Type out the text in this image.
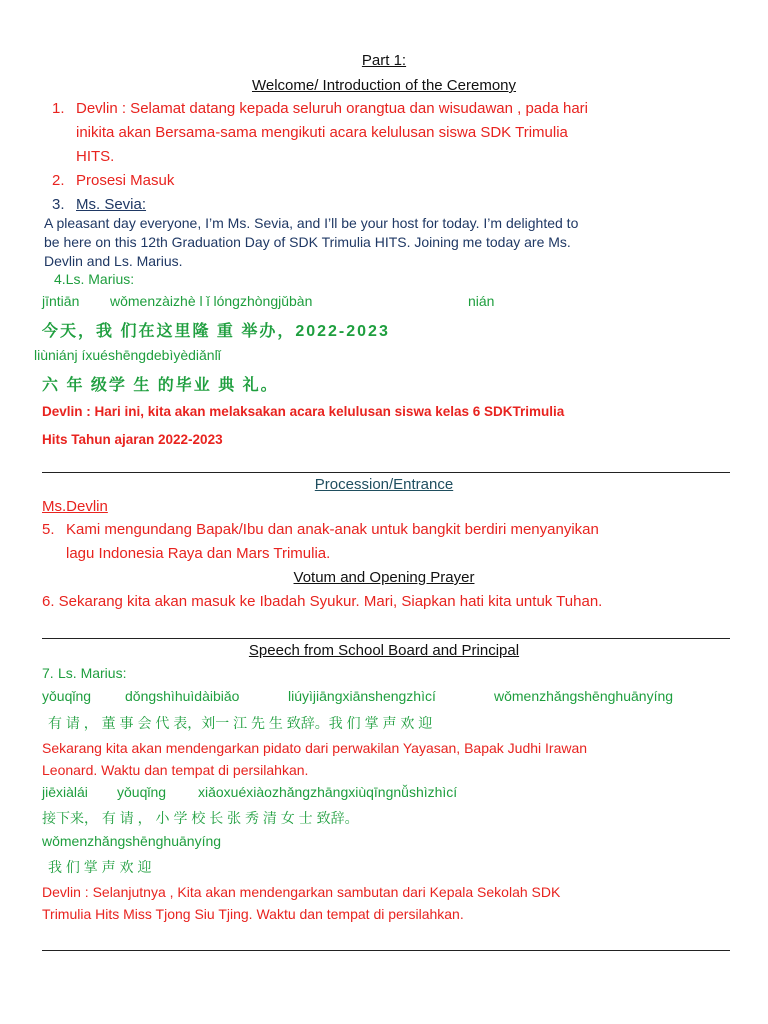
Part 1:
Welcome/ Introduction of the Ceremony
1. Devlin : Selamat datang kepada seluruh orangtua dan wisudawan , pada hari
inikita akan Bersama-sama mengikuti acara kelulusan siswa SDK Trimulia
HITS.
2. Prosesi Masuk
3. Ms. Sevia:
A pleasant day everyone, I’m Ms. Sevia, and I’ll be your host for today. I’m delighted to
be here on this 12th Graduation Day of SDK Trimulia HITS. Joining me today are Ms.
Devlin and Ls. Marius.
4.Ls. Marius:
jīntiān wǒmenzàizhè l ǐ lóngzhòngjǔbàn	nián
今天，我 们在这里隆 重 举办，2022-2023
liùniánj íxuéshēngdebìyèdiǎnlǐ
六 年 级学 生 的毕业 典 礼。
Devlin : Hari ini, kita akan melaksakan acara kelulusan siswa kelas 6 SDKTrimulia
Hits Tahun ajaran 2022-2023
Procession/Entrance
Ms.Devlin
5. Kami mengundang Bapak/Ibu dan anak-anak untuk bangkit berdiri menyanyikan
lagu Indonesia Raya dan Mars Trimulia.
Votum and Opening Prayer
6. Sekarang kita akan masuk ke Ibadah Syukur. Mari, Siapkan hati kita untuk Tuhan.
Speech from School Board and Principal
7. Ls. Marius:
yǒuqǐng dǒngshìhuìdàibiǎo	liúyìjiāngxiānshengzhìcí	wǒmenzhǎngshēnghuānyíng
有 请 ， 董 事 会 代 表，刘一 江 先 生 致辞。我 们 掌 声 欢 迎
Sekarang kita akan mendengarkan pidato dari perwakilan Yayasan, Bapak Judhi Irawan
Leonard. Waktu dan tempat di persilahkan.
jiēxiàlái yǒuqǐng xiǎoxuéxiàozhǎngzhāngxiùqīngnǚshìzhìcí
接下来， 有 请 ， 小 学 校 长 张 秀 清 女 士 致辞。
wǒmenzhǎngshēnghuānyíng
我 们 掌 声 欢 迎
Devlin : Selanjutnya , Kita akan mendengarkan sambutan dari Kepala Sekolah SDK
Trimulia Hits Miss Tjong Siu Tjing. Waktu dan tempat di persilahkan.
